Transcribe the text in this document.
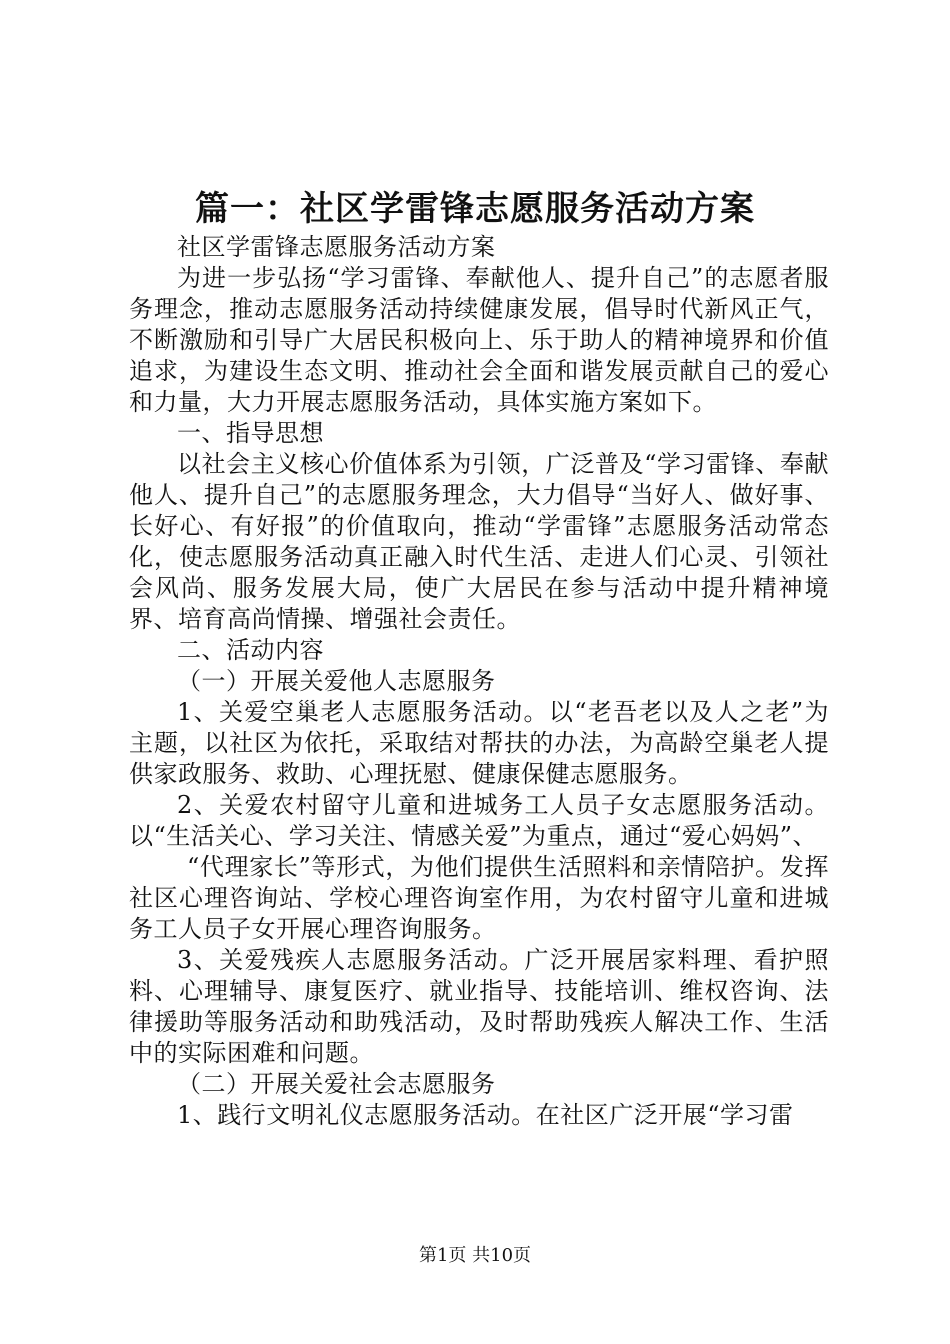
篇一：社区学雷锋志愿服务活动方案

社区学雷锋志愿服务活动方案

为进一步弘扬“学习雷锋、奉献他人、提升自己”的志愿者服务理念，推动志愿服务活动持续健康发展，倡导时代新风正气，不断激励和引导广大居民积极向上、乐于助人的精神境界和价值追求，为建设生态文明、推动社会全面和谐发展贡献自己的爱心和力量，大力开展志愿服务活动，具体实施方案如下。

一、指导思想

以社会主义核心价值体系为引领，广泛普及“学习雷锋、奉献他人、提升自己”的志愿服务理念，大力倡导“当好人、做好事、长好心、有好报”的价值取向，推动“学雷锋”志愿服务活动常态化，使志愿服务活动真正融入时代生活、走进人们心灵、引领社会风尚、服务发展大局，使广大居民在参与活动中提升精神境界、培育高尚情操、增强社会责任。

二、活动内容

（一）开展关爱他人志愿服务

1、关爱空巢老人志愿服务活动。以“老吾老以及人之老”为主题，以社区为依托，采取结对帮扶的办法，为高龄空巢老人提供家政服务、救助、心理抚慰、健康保健志愿服务。

2、关爱农村留守儿童和进城务工人员子女志愿服务活动。以“生活关心、学习关注、情感关爱”为重点，通过“爱心妈妈”、

“代理家长”等形式，为他们提供生活照料和亲情陪护。发挥社区心理咨询站、学校心理咨询室作用，为农村留守儿童和进城务工人员子女开展心理咨询服务。

3、关爱残疾人志愿服务活动。广泛开展居家料理、看护照料、心理辅导、康复医疗、就业指导、技能培训、维权咨询、法律援助等服务活动和助残活动，及时帮助残疾人解决工作、生活中的实际困难和问题。

（二）开展关爱社会志愿服务

1、践行文明礼仪志愿服务活动。在社区广泛开展“学习雷

第1页 共10页
